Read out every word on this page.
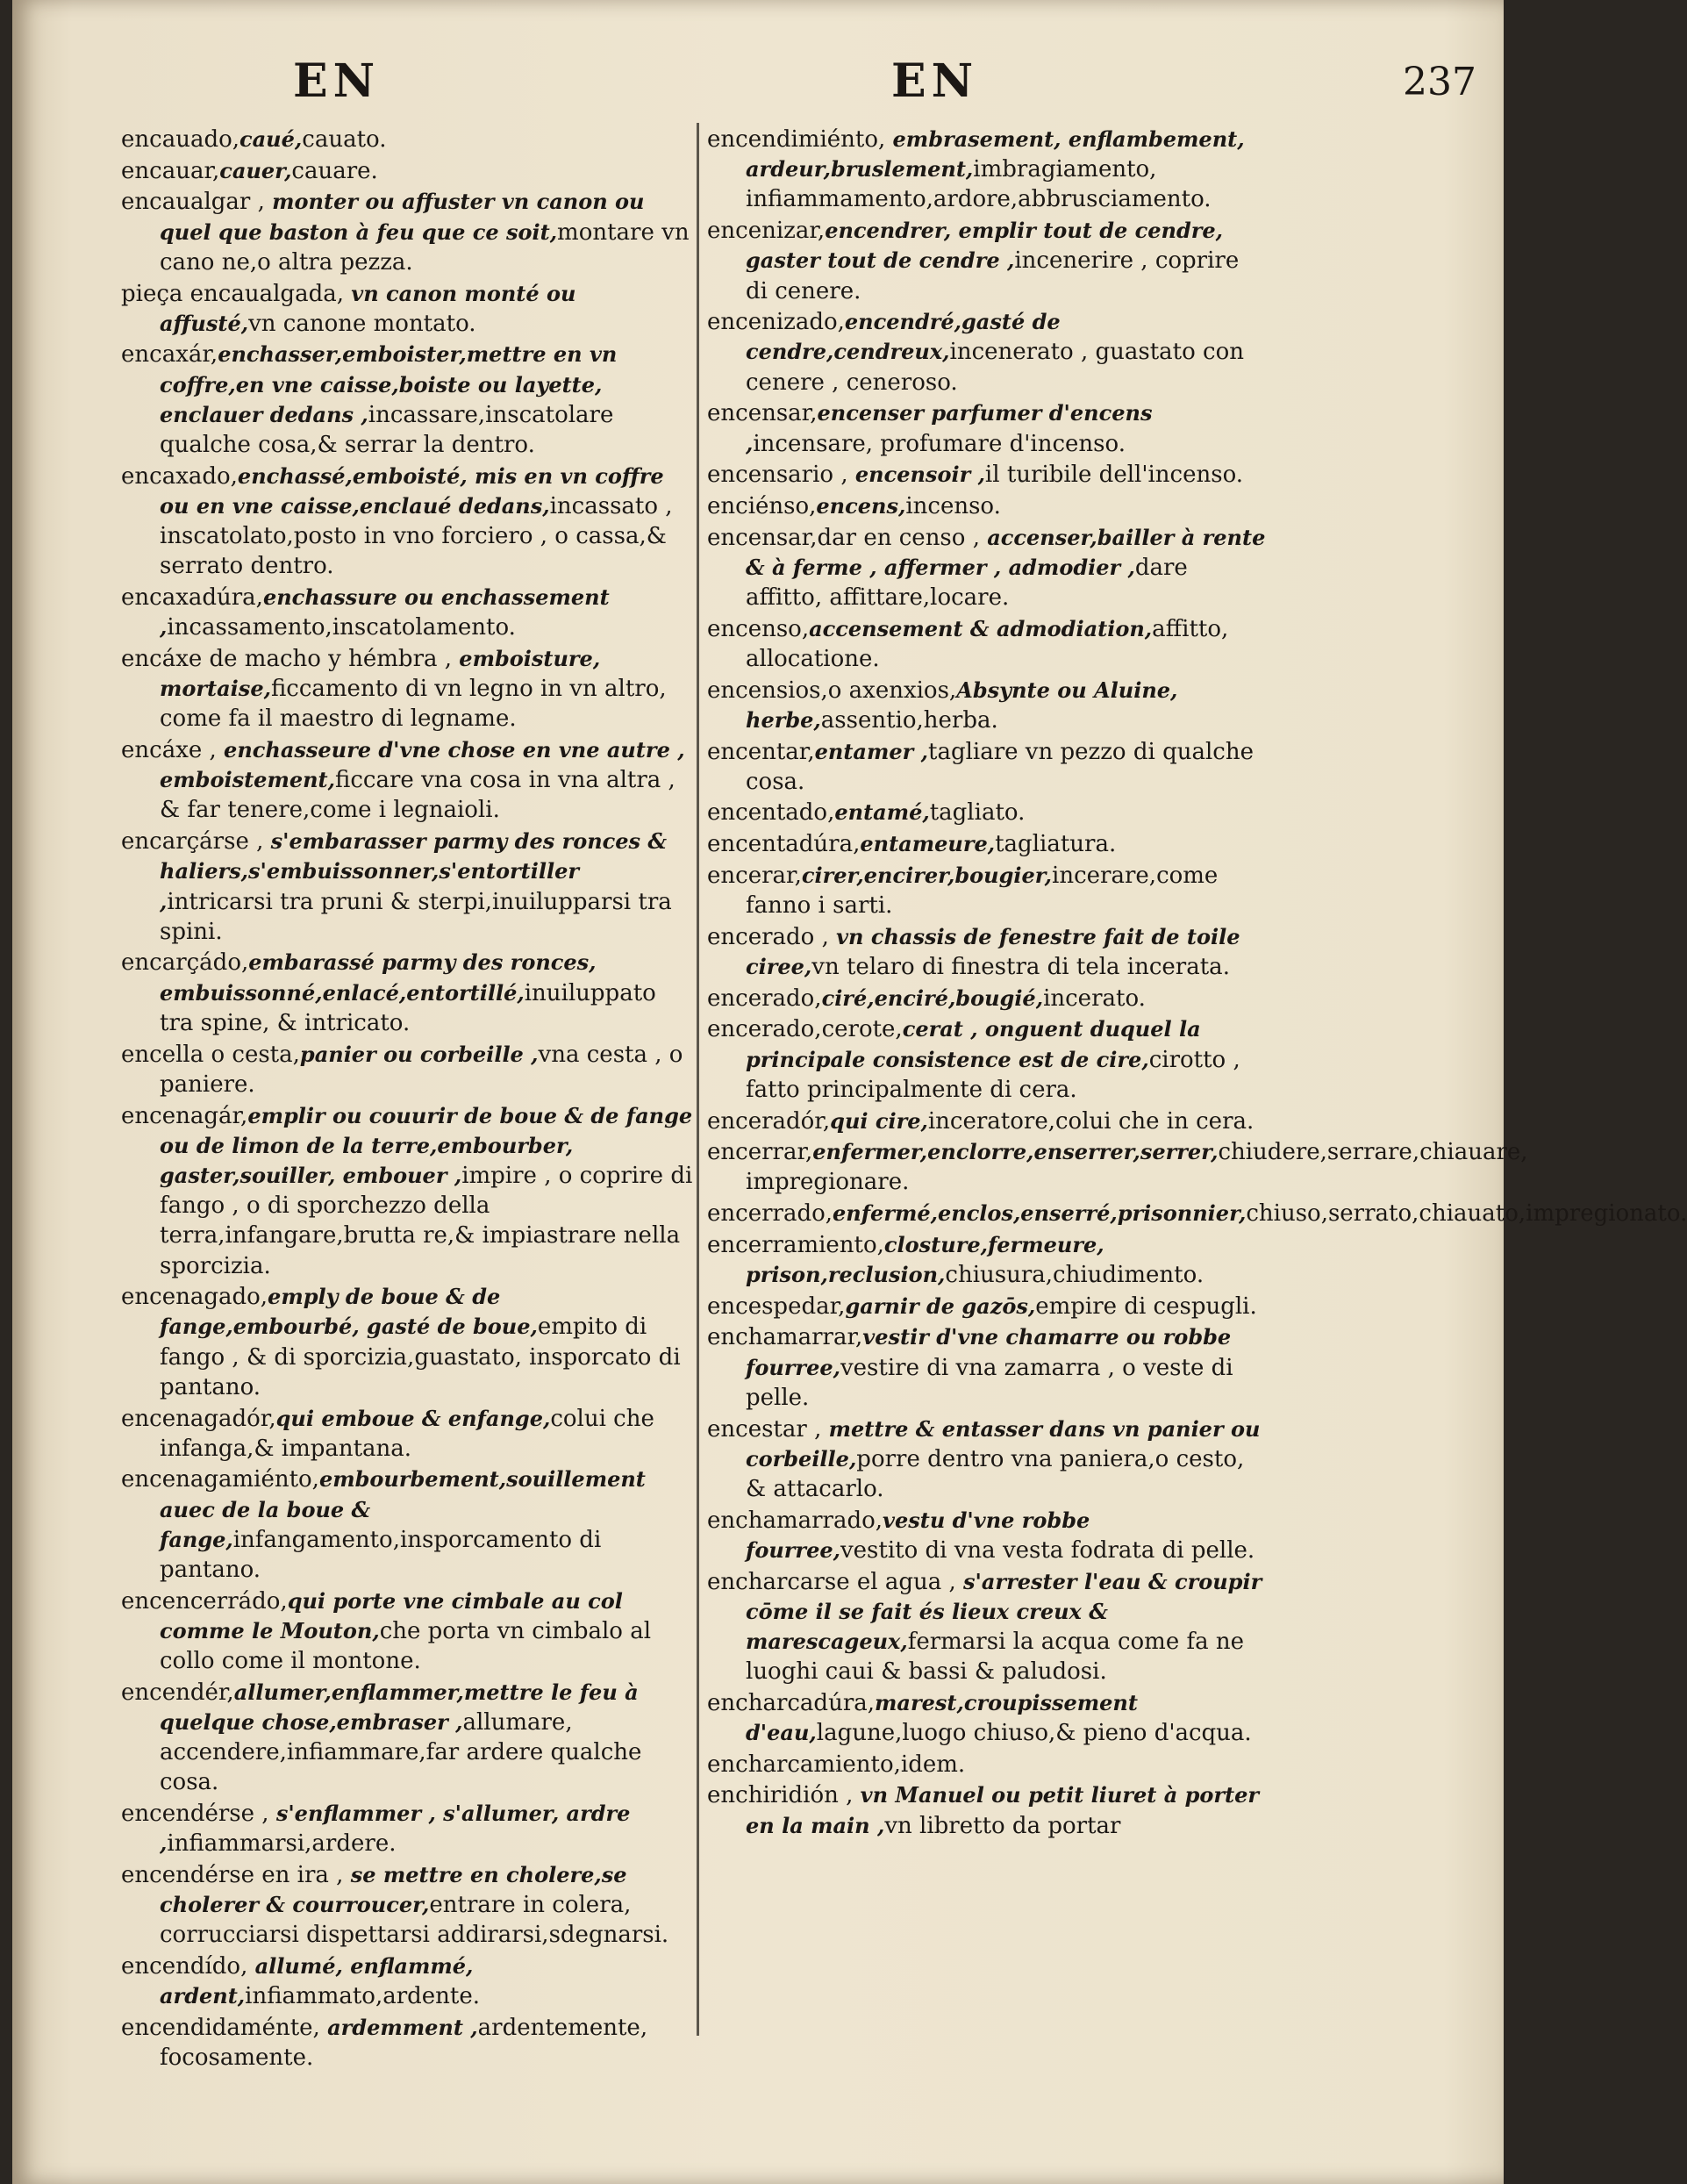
EN	EN	237

encauado,caué,cauato.

encauar,cauer,cauare.

encaualgar , monter ou affuster vn canon ou quel que baston à feu que ce soit,montare vn cano ne,o altra pezza.

pieça encaualgada, vn canon monté ou affusté,vn canone montato.

encaxár,enchasser,emboister,mettre en vn coffre,en vne caisse,boiste ou layette, enclauer dedans ,incassare,inscatolare qualche cosa,& serrar la dentro.

encaxado,enchassé,emboisté, mis en vn coffre ou en vne caisse,enclaué dedans,incassato , inscatolato,posto in vno forciero , o cassa,& serrato dentro.

encaxadúra,enchassure ou enchassement ,incassamento,inscatolamento.

encáxe de macho y hémbra , emboisture, mortaise,ficcamento di vn legno in vn altro, come fa il maestro di legname.

encáxe , enchasseure d'vne chose en vne autre , emboistement,ficcare vna cosa in vna altra , & far tenere,come i legnaioli.

encarçárse , s'embarasser parmy des ronces & haliers,s'embuissonner,s'entortiller ,intricarsi tra pruni & sterpi,inuilupparsi tra spini.

encarçádo,embarassé parmy des ronces, embuissonné,enlacé,entortillé,inuiluppato tra spine, & intricato.

encella o cesta,panier ou corbeille ,vna cesta , o paniere.

encenagár,emplir ou couurir de boue & de fange ou de limon de la terre,embourber, gaster,souiller, embouer ,impire , o coprire di fango , o di sporchezzo della terra,infangare,brutta re,& impiastrare nella sporcizia.

encenagado,emply de boue & de fange,embourbé, gasté de boue,empito di fango , & di sporcizia,guastato, insporcato di pantano.

encenagadór,qui emboue & enfange,colui che infanga,& impantana.

encenagamiénto,embourbement,souillement auec de la boue & fange,infangamento,insporcamento di pantano.

encencerrádo,qui porte vne cimbale au col comme le Mouton,che porta vn cimbalo al collo come il montone.

encendér,allumer,enflammer,mettre le feu à quelque chose,embraser ,allumare, accendere,infiammare,far ardere qualche cosa.

encendérse , s'enflammer , s'allumer, ardre ,infiammarsi,ardere.

encendérse en ira , se mettre en cholere,se cholerer & courroucer,entrare in colera, corrucciarsi dispettarsi addirarsi,sdegnarsi.

encendído, allumé, enflammé, ardent,infiammato,ardente.

encendidaménte, ardemment ,ardentemente, focosamente.

encendimiénto, embrasement, enflambement, ardeur,bruslement,imbragiamento, infiammamento,ardore,abbrusciamento.

encenizar,encendrer, emplir tout de cendre, gaster tout de cendre ,incenerire , coprire di cenere.

encenizado,encendré,gasté de cendre,cendreux,incenerato , guastato con cenere , ceneroso.

encensar,encenser parfumer d'encens ,incensare, profumare d'incenso.

encensario , encensoir ,il turibile dell'incenso.

enciénso,encens,incenso.

encensar,dar en censo , accenser,bailler à rente & à ferme , affermer , admodier ,dare affitto, affittare,locare.

encenso,accensement & admodiation,affitto, allocatione.

encensios,o axenxios,Absynte ou Aluine, herbe,assentio,herba.

encentar,entamer ,tagliare vn pezzo di qualche cosa.

encentado,entamé,tagliato.

encentadúra,entameure,tagliatura.

encerar,cirer,encirer,bougier,incerare,come fanno i sarti.

encerado , vn chassis de fenestre fait de toile ciree,vn telaro di finestra di tela incerata.

encerado,ciré,enciré,bougié,incerato.

encerado,cerote,cerat , onguent duquel la principale consistence est de cire,cirotto , fatto principalmente di cera.

enceradór,qui cire,inceratore,colui che in cera.

encerrar,enfermer,enclorre,enserrer,serrer,chiudere,serrare,chiauare, impregionare.

encerrado,enfermé,enclos,enserré,prisonnier,chiuso,serrato,chiauato,impregionato.

encerramiento,closture,fermeure, prison,reclusion,chiusura,chiudimento.

encespedar,garnir de gazōs,empire di cespugli.

enchamarrar,vestir d'vne chamarre ou robbe fourree,vestire di vna zamarra , o veste di pelle.

encestar , mettre & entasser dans vn panier ou corbeille,porre dentro vna paniera,o cesto, & attacarlo.

enchamarrado,vestu d'vne robbe fourree,vestito di vna vesta fodrata di pelle.

encharcarse el agua , s'arrester l'eau & croupir cōme il se fait és lieux creux & marescageux,fermarsi la acqua come fa ne luoghi caui & bassi & paludosi.

encharcadúra,marest,croupissement d'eau,lagune,luogo chiuso,& pieno d'acqua.

encharcamiento,idem.

enchiridión , vn Manuel ou petit liuret à porter en la main ,vn libretto da portar
